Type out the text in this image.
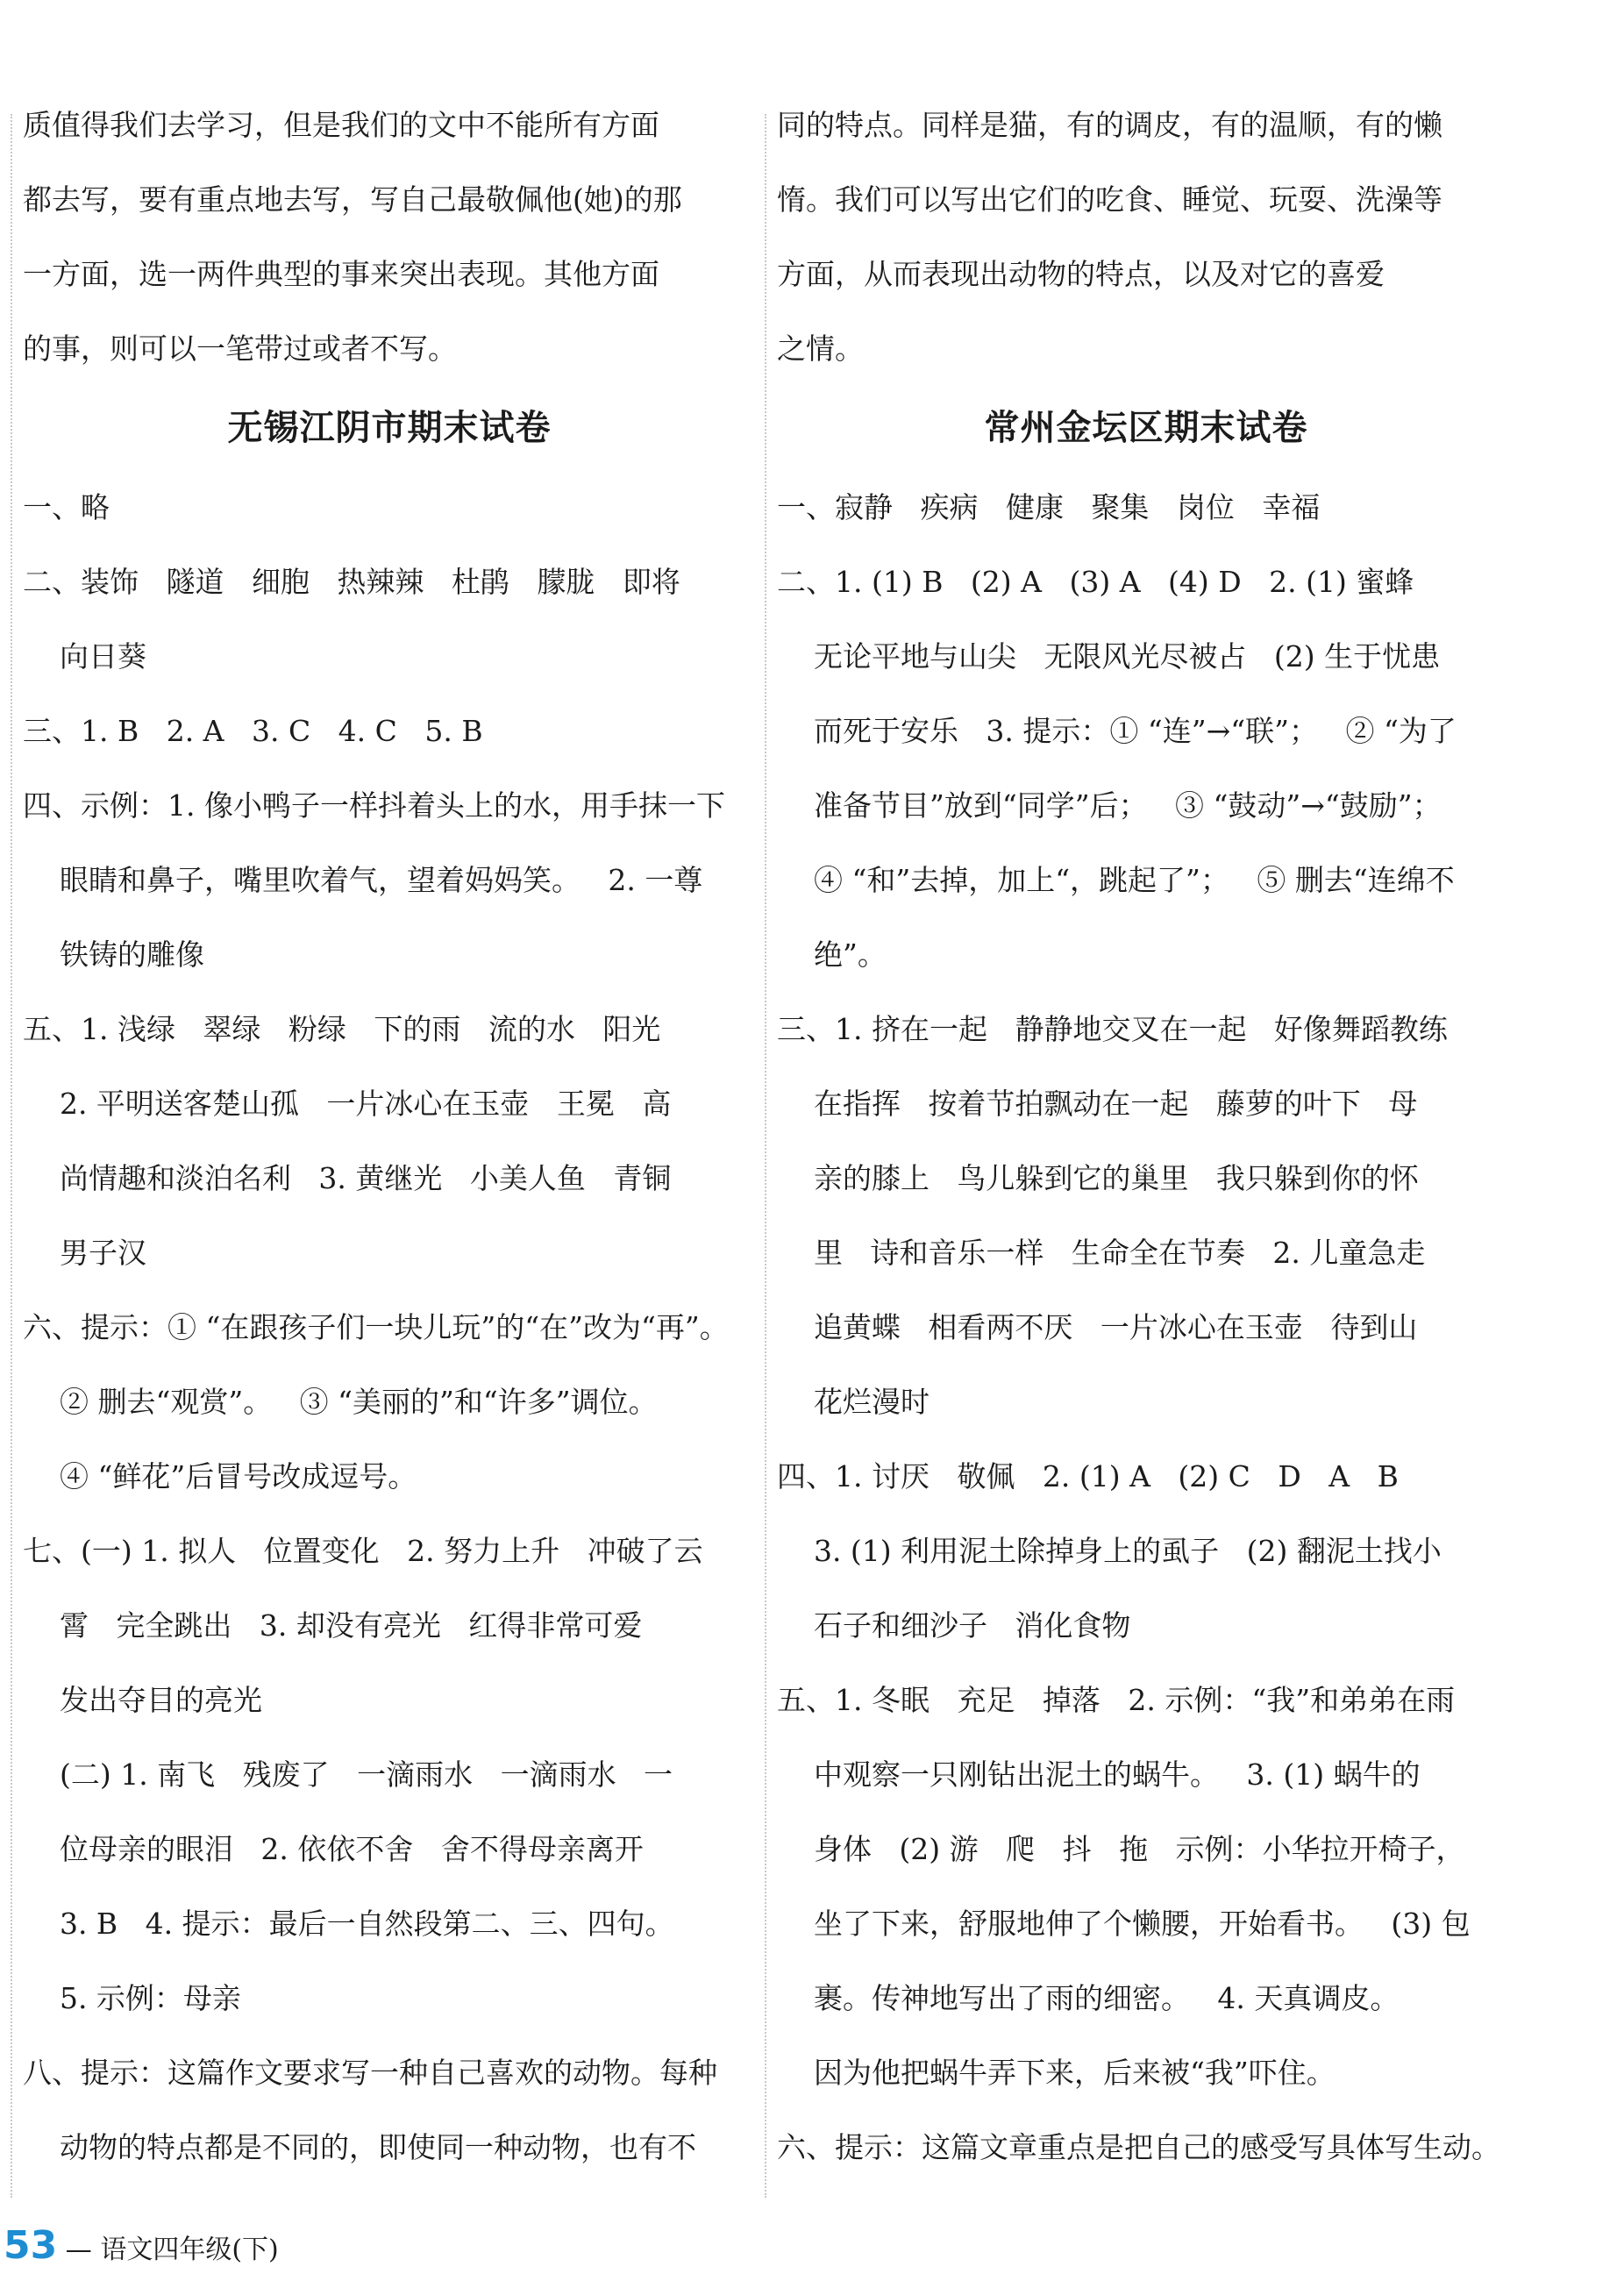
质值得我们去学习，但是我们的文中不能所有方面
都去写，要有重点地去写，写自己最敬佩他(她)的那
一方面，选一两件典型的事来突出表现。其他方面
的事，则可以一笔带过或者不写。
无锡江阴市期末试卷
一、略
二、装饰   隧道   细胞   热辣辣   杜鹃   朦胧   即将
向日葵
三、1. B   2. A   3. C   4. C   5. B
四、示例：1. 像小鸭子一样抖着头上的水，用手抹一下
眼睛和鼻子，嘴里吹着气，望着妈妈笑。   2. 一尊
铁铸的雕像
五、1. 浅绿   翠绿   粉绿   下的雨   流的水   阳光
2. 平明送客楚山孤   一片冰心在玉壶   王冕   高
尚情趣和淡泊名利   3. 黄继光   小美人鱼   青铜
男子汉
六、提示：① “在跟孩子们一块儿玩”的“在”改为“再”。
② 删去“观赏”。   ③ “美丽的”和“许多”调位。
④ “鲜花”后冒号改成逗号。
七、(一) 1. 拟人   位置变化   2. 努力上升   冲破了云
霄   完全跳出   3. 却没有亮光   红得非常可爱
发出夺目的亮光
(二) 1. 南飞   残废了   一滴雨水   一滴雨水   一
位母亲的眼泪   2. 依依不舍   舍不得母亲离开
3. B   4. 提示：最后一自然段第二、三、四句。
5. 示例：母亲
八、提示：这篇作文要求写一种自己喜欢的动物。每种
动物的特点都是不同的，即使同一种动物，也有不
同的特点。同样是猫，有的调皮，有的温顺，有的懒
惰。我们可以写出它们的吃食、睡觉、玩耍、洗澡等
方面，从而表现出动物的特点，以及对它的喜爱
之情。
常州金坛区期末试卷
一、寂静   疾病   健康   聚集   岗位   幸福
二、1. (1) B   (2) A   (3) A   (4) D   2. (1) 蜜蜂
无论平地与山尖   无限风光尽被占   (2) 生于忧患
而死于安乐   3. 提示：① “连”→“联”；   ② “为了
准备节目”放到“同学”后；   ③ “鼓动”→“鼓励”；
④ “和”去掉，加上“，跳起了”；   ⑤ 删去“连绵不
绝”。
三、1. 挤在一起   静静地交叉在一起   好像舞蹈教练
在指挥   按着节拍飘动在一起   藤萝的叶下   母
亲的膝上   鸟儿躲到它的巢里   我只躲到你的怀
里   诗和音乐一样   生命全在节奏   2. 儿童急走
追黄蝶   相看两不厌   一片冰心在玉壶   待到山
花烂漫时
四、1. 讨厌   敬佩   2. (1) A   (2) C   D   A   B
3. (1) 利用泥土除掉身上的虱子   (2) 翻泥土找小
石子和细沙子   消化食物
五、1. 冬眠   充足   掉落   2. 示例：“我”和弟弟在雨
中观察一只刚钻出泥土的蜗牛。   3. (1) 蜗牛的
身体   (2) 游   爬   抖   拖   示例：小华拉开椅子，
坐了下来，舒服地伸了个懒腰，开始看书。   (3) 包
裹。传神地写出了雨的细密。   4. 天真调皮。
因为他把蜗牛弄下来，后来被“我”吓住。
六、提示：这篇文章重点是把自己的感受写具体写生动。
53 — 语文四年级(下)
